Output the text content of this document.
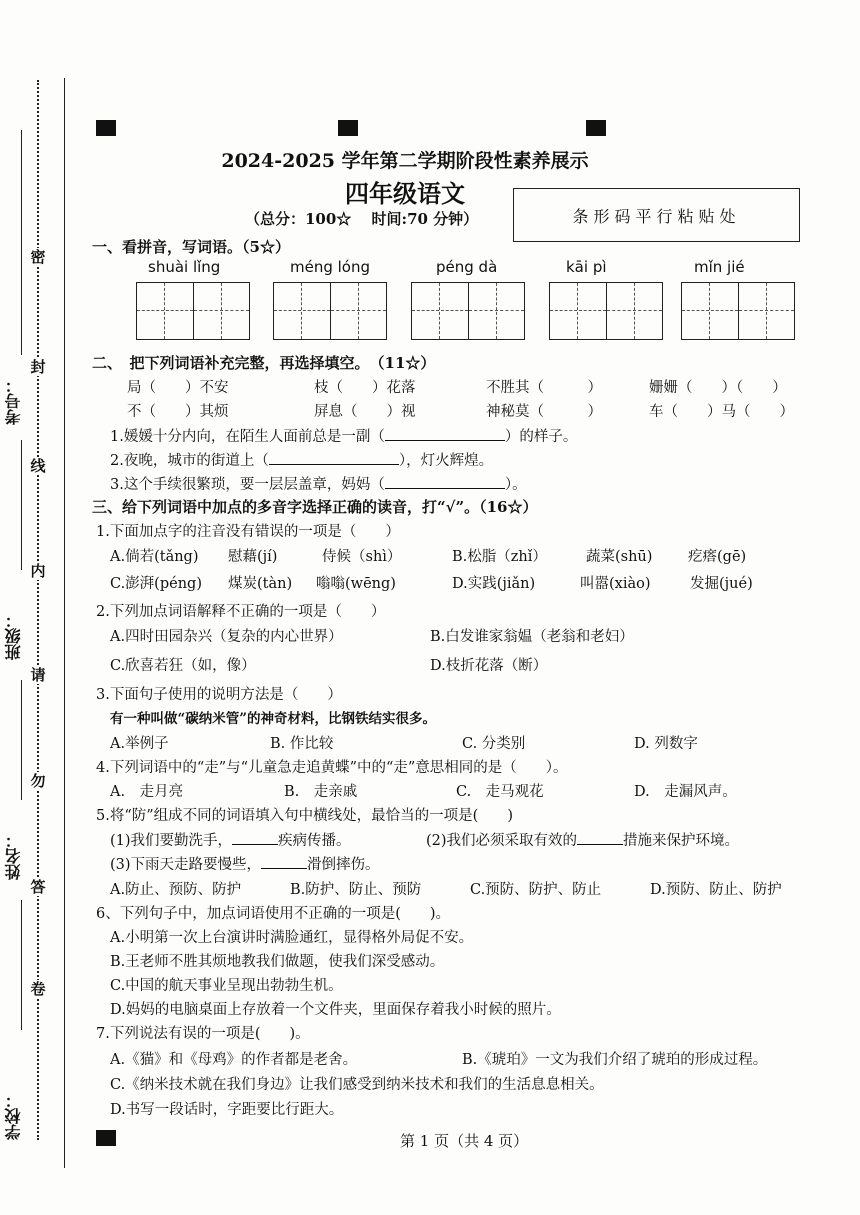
密
封
线
内
请
勿
答
卷
考号：
班级：
姓名：
学校：
2024-2025 学年第二学期阶段性素养展示
四年级语文
（总分：100☆　 时间:70 分钟）	条形码平行粘贴处
一、看拼音，写词语。（5☆）
shuài lǐng	méng lóng	péng dà	kāi pì	mǐn jié
二、　把下列词语补充完整，再选择填空。　（11☆）
局（　　）不安	枝（　　）花落	不胜其（　　　）	姗姗（　　）（　　）
不（　　）其烦	屏息（　　）视	神秘莫（　　　）	车（　　）马（　　）
1.媛媛十分内向，在陌生人面前总是一副（	）的样子。
2.夜晚，城市的街道上（	），灯火辉煌。
3.这个手续很繁琐，要一层层盖章，妈妈（	）。
三、给下列词语中加点的多音字选择正确的读音，打“√”。（16☆）
1.下面加点字的注音没有错误的一项是（　　）
A.倘若(tǎng) 慰藉(jí)	侍候（shì）	B.松脂（zhǐ）	蔬菜(shū) 疙瘩(gē)
C.澎湃(péng) 煤炭(tàn) 嗡嗡(wēng)	D.实践(jiǎn)	叫嚣(xiào)	发掘(jué)
2.下列加点词语解释不正确的一项是（　　）
A.四时田园杂兴（复杂的内心世界）	B.白发谁家翁媪（老翁和老妇）
C.欣喜若狂（如，像）	D.枝折花落（断）
3.下面句子使用的说明方法是（　　）
有一种叫做“碳纳米管”的神奇材料，比钢铁结实很多。
A.举例子	B. 作比较	C. 分类别	D. 列数字
4.下列词语中的“走”与“儿童急走追黄蝶”中的“走”意思相同的是（　　）。
A.　走月亮	B.　走亲戚	C.　走马观花	D.　走漏风声。
5.将“防”组成不同的词语填入句中横线处，最恰当的一项是(　　)
(1)我们要勤洗手，	疾病传播。	(2)我们必须采取有效的	措施来保护环境。
(3)下雨天走路要慢些，	滑倒摔伤。
A.防止、预防、防护	B.防护、防止、预防	C.预防、防护、防止	D.预防、防止、防护
6、下列句子中，加点词语使用不正确的一项是(　　)。
A.小明第一次上台演讲时满脸通红，显得格外局促不安。
B.王老师不胜其烦地教我们做题，使我们深受感动。
C.中国的航天事业呈现出勃勃生机。
D.妈妈的电脑桌面上存放着一个文件夹，里面保存着我小时候的照片。
7.下列说法有误的一项是(　　)。
A.《猫》和《母鸡》的作者都是老舍。	B.《琥珀》一文为我们介绍了琥珀的形成过程。
C.《纳米技术就在我们身边》让我们感受到纳米技术和我们的生活息息相关。
D.书写一段话时，字距要比行距大。
第 1 页（共 4 页）
